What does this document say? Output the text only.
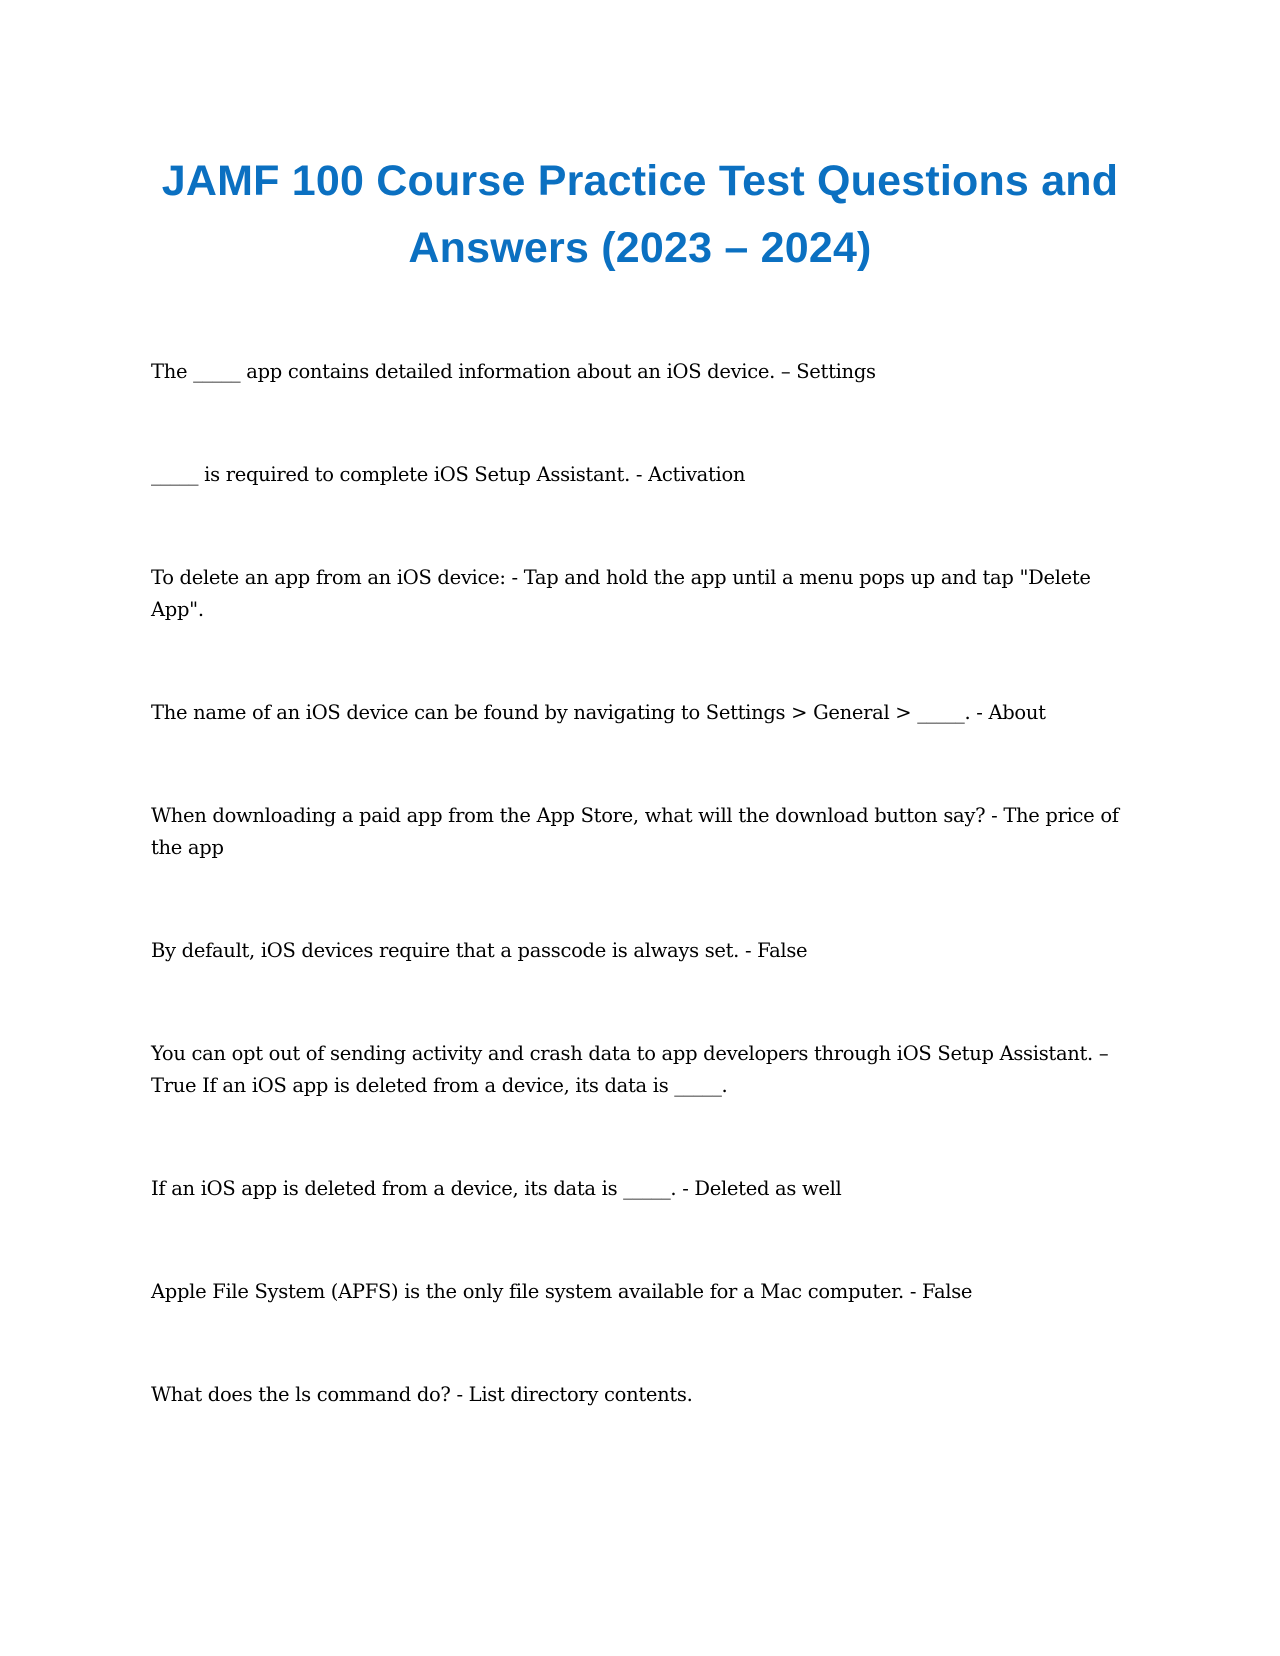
JAMF 100 Course Practice Test Questions and Answers (2023 – 2024)

The _____ app contains detailed information about an iOS device. – Settings

_____ is required to complete iOS Setup Assistant. - Activation

To delete an app from an iOS device: - Tap and hold the app until a menu pops up and tap "Delete App".

The name of an iOS device can be found by navigating to Settings > General > _____. - About

When downloading a paid app from the App Store, what will the download button say? - The price of the app

By default, iOS devices require that a passcode is always set. - False

You can opt out of sending activity and crash data to app developers through iOS Setup Assistant. – True If an iOS app is deleted from a device, its data is _____.

If an iOS app is deleted from a device, its data is _____. - Deleted as well

Apple File System (APFS) is the only file system available for a Mac computer. - False

What does the ls command do? - List directory contents.
